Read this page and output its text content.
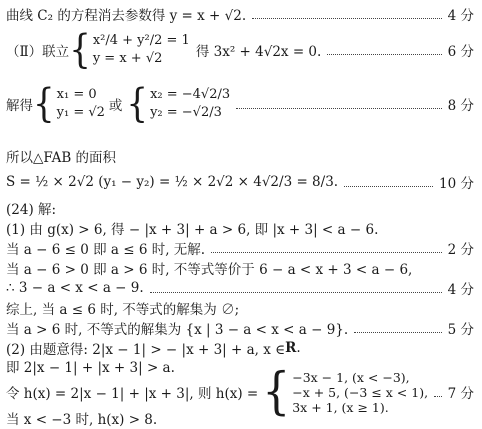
曲线 C₂ 的方程消去参数得 y = x + √2.	4 分
（Ⅱ）联立 { x²/4 + y²/2 = 1
y = x + √2	得 3x² + 4√2x = 0.	6 分
解得 { x₁ = 0
y₁ = √2 或 { x₂ = −4√2/3
y₂ = −√2/3	8 分
所以△FAB 的面积
S = ½ × 2√2 (y₁ − y₂) = ½ × 2√2 × 4√2/3 = 8/3.	10 分
(24) 解:
(1) 由 g(x) > 6, 得 − |x + 3| + a > 6, 即 |x + 3| < a − 6.
当 a − 6 ≤ 0 即 a ≤ 6 时, 无解.	2 分
当 a − 6 > 0 即 a > 6 时, 不等式等价于 6 − a < x + 3 < a − 6,
∴ 3 − a < x < a − 9.	4 分
综上, 当 a ≤ 6 时, 不等式的解集为 ∅;
当 a > 6 时, 不等式的解集为 {x | 3 − a < x < a − 9}.	5 分
(2) 由题意得: 2|x − 1| > − |x + 3| + a, x ∈ R .
即 2|x − 1| + |x + 3| > a.
令 h(x) = 2|x − 1| + |x + 3|, 则 h(x) = { −3x − 1, (x < −3),
−x + 5, (−3 ≤ x < 1),
3x + 1, (x ≥ 1).
7 分
当 x < −3 时, h(x) > 8.
